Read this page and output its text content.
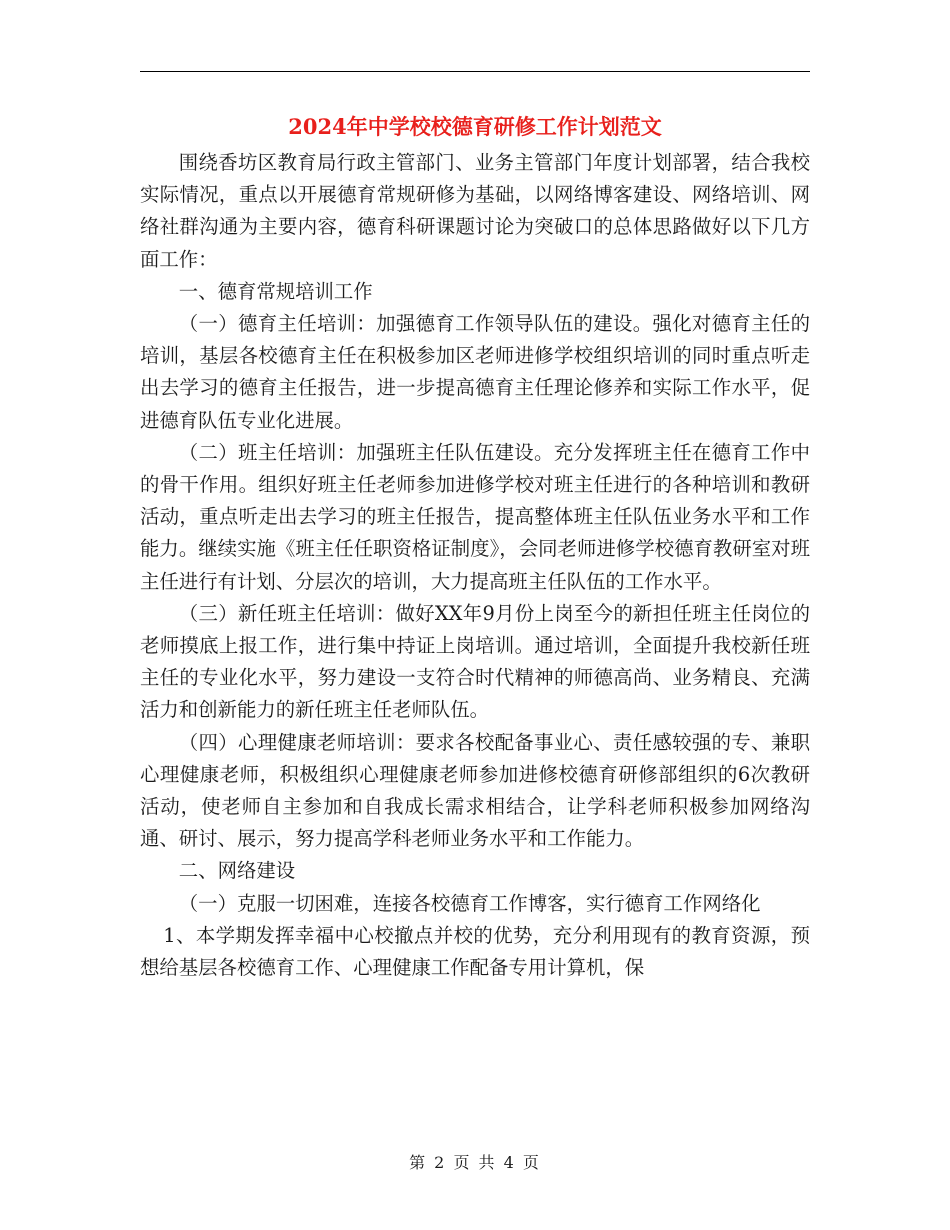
2024年中学校校德育研修工作计划范文

围绕香坊区教育局行政主管部门、业务主管部门年度计划部署，结合我校实际情况，重点以开展德育常规研修为基础，以网络博客建设、网络培训、网络社群沟通为主要内容，德育科研课题讨论为突破口的总体思路做好以下几方面工作：

一、德育常规培训工作

（一）德育主任培训：加强德育工作领导队伍的建设。强化对德育主任的培训，基层各校德育主任在积极参加区老师进修学校组织培训的同时重点听走出去学习的德育主任报告，进一步提高德育主任理论修养和实际工作水平，促进德育队伍专业化进展。

（二）班主任培训：加强班主任队伍建设。充分发挥班主任在德育工作中的骨干作用。组织好班主任老师参加进修学校对班主任进行的各种培训和教研活动，重点听走出去学习的班主任报告，提高整体班主任队伍业务水平和工作能力。继续实施《班主任任职资格证制度》，会同老师进修学校德育教研室对班主任进行有计划、分层次的培训，大力提高班主任队伍的工作水平。

（三）新任班主任培训：做好XX年9月份上岗至今的新担任班主任岗位的老师摸底上报工作，进行集中持证上岗培训。通过培训，全面提升我校新任班主任的专业化水平，努力建设一支符合时代精神的师德高尚、业务精良、充满活力和创新能力的新任班主任老师队伍。

（四）心理健康老师培训：要求各校配备事业心、责任感较强的专、兼职心理健康老师，积极组织心理健康老师参加进修校德育研修部组织的6次教研活动，使老师自主参加和自我成长需求相结合，让学科老师积极参加网络沟通、研讨、展示，努力提高学科老师业务水平和工作能力。

二、网络建设

（一）克服一切困难，连接各校德育工作博客，实行德育工作网络化

1、本学期发挥幸福中心校撤点并校的优势，充分利用现有的教育资源，预想给基层各校德育工作、心理健康工作配备专用计算机，保

第 2 页 共 4 页
